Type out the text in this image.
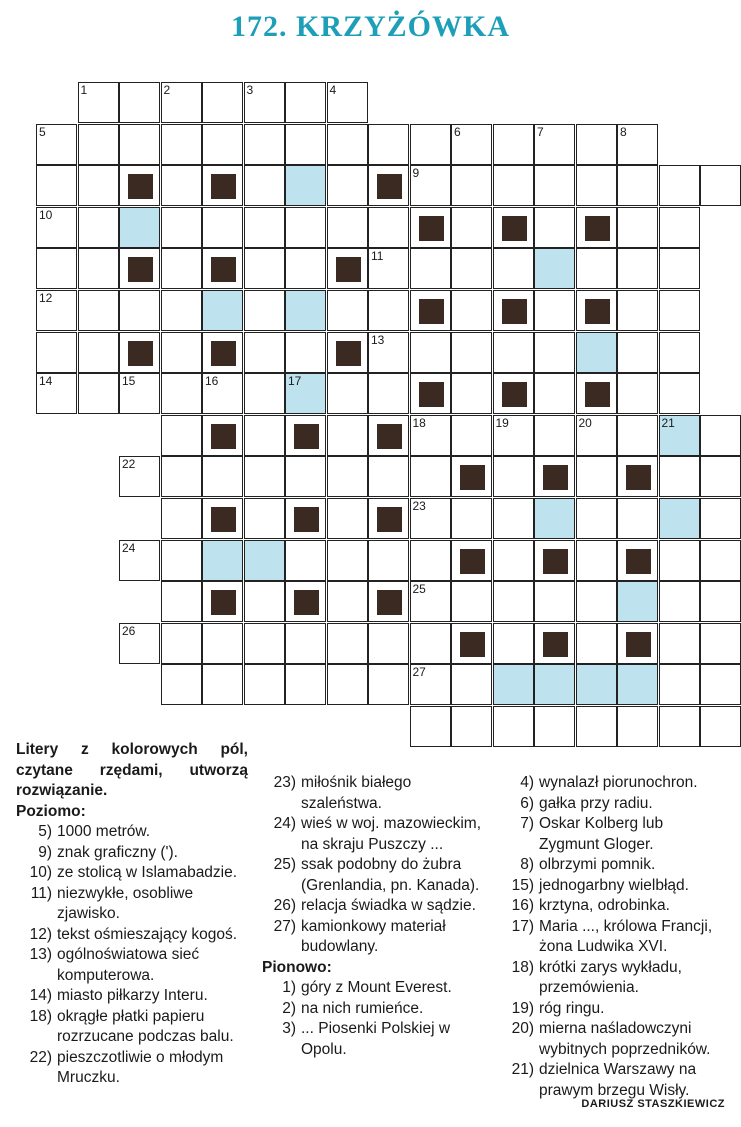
172. KRZYŻÓWKA
1	2	3	4
5	6	7	8
9
10
11
12
13
14	15	16	17
18	19	20	21
22
23
24
25
26
27

Litery z kolorowych pól, czytane rzędami, utworzą rozwiązanie.

Poziomo:

5) 1000 metrów.
9) znak graficzny (').
10) ze stolicą w Islamabadzie.
11) niezwykłe, osobliwe zjawisko.
12) tekst ośmieszający kogoś.
13) ogólnoświatowa sieć komputerowa.
14) miasto piłkarzy Interu.
18) okrągłe płatki papieru rozrzucane podczas balu.
22) pieszczotliwie o młodym Mruczku.
23) miłośnik białego szaleństwa.
24) wieś w woj. mazowieckim, na skraju Puszczy ...
25) ssak podobny do żubra (Grenlandia, pn. Kanada).
26) relacja świadka w sądzie.
27) kamionkowy materiał budowlany.

Pionowo:

1) góry z Mount Everest.
2) na nich rumieńce.
3) ... Piosenki Polskiej w Opolu.
4) wynalazł piorunochron.
6) gałka przy radiu.
7) Oskar Kolberg lub Zygmunt Gloger.
8) olbrzymi pomnik.
15) jednogarbny wielbłąd.
16) krztyna, odrobinka.
17) Maria ..., królowa Francji, żona Ludwika XVI.
18) krótki zarys wykładu, przemówienia.
19) róg ringu.
20) mierna naśladowczyni wybitnych poprzedników.
21) dzielnica Warszawy na prawym brzegu Wisły.
DARIUSZ STASZKIEWICZ
